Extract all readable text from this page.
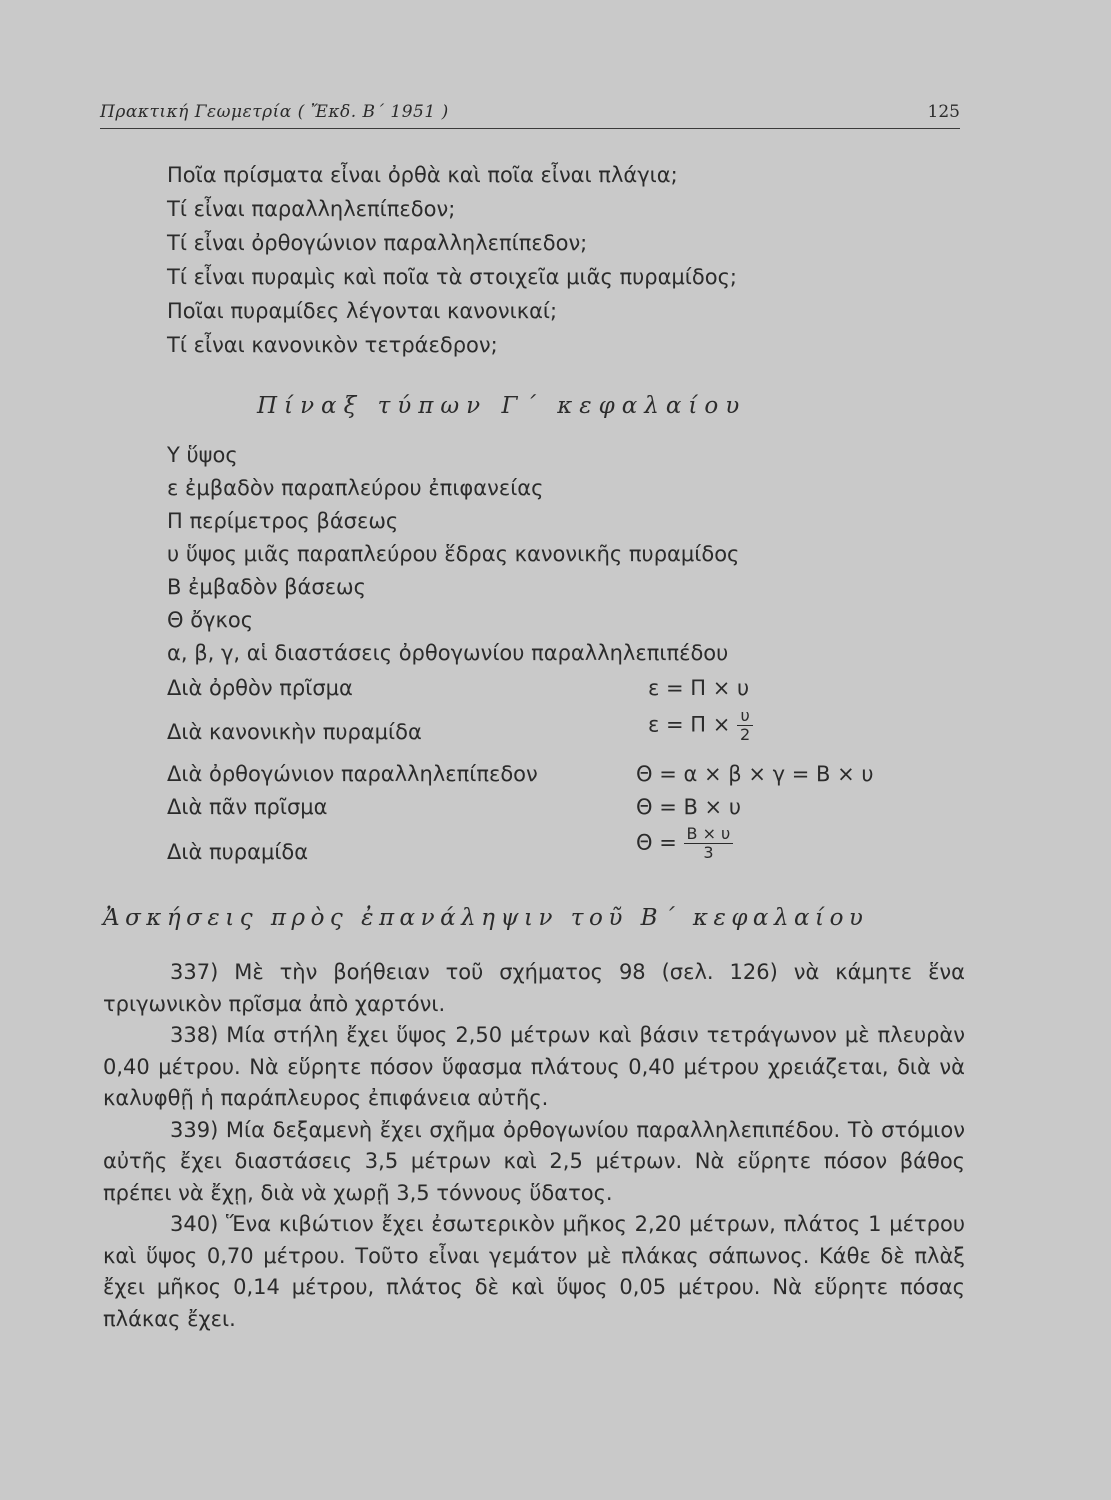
Πρακτική Γεωμετρία ( Ἔκδ. Β΄ 1951 )	125
Ποῖα πρίσματα εἶναι ὀρθὰ καὶ ποῖα εἶναι πλάγια;
Τί εἶναι παραλληλεπίπεδον;
Τί εἶναι ὀρθογώνιον παραλληλεπίπεδον;
Τί εἶναι πυραμὶς καὶ ποῖα τὰ στοιχεῖα μιᾶς πυραμίδος;
Ποῖαι πυραμίδες λέγονται κανονικαί;
Τί εἶναι κανονικὸν τετράεδρον;
Πίναξ τύπων Γ΄ κεφαλαίου
Υ ὕψος
ε ἐμβαδὸν παραπλεύρου ἐπιφανείας
Π περίμετρος βάσεως
υ ὕψος μιᾶς παραπλεύρου ἕδρας κανονικῆς πυραμίδος
Β ἐμβαδὸν βάσεως
Θ ὄγκος
α, β, γ, αἱ διαστάσεις ὀρθογωνίου παραλληλεπιπέδου
Διὰ ὀρθὸν πρῖσμα	ε = Π × υ
Διὰ κανονικὴν πυραμίδα	$\varepsilon = \Pi \times \frac{\upsilon}{2}$
Διὰ ὀρθογώνιον παραλληλεπίπεδον	Θ = α × β × γ = Β × υ
Διὰ πᾶν πρῖσμα	Θ = Β × υ
Διὰ πυραμίδα	$\Theta = \frac{B \times \upsilon}{3}$
Ἀσκήσεις πρὸς ἐπανάληψιν τοῦ Β΄ κεφαλαίου

337) Μὲ τὴν βοήθειαν τοῦ σχήματος 98 (σελ. 126) νὰ κάμητε ἕνα τριγωνικὸν πρῖσμα ἀπὸ χαρτόνι.

338) Μία στήλη ἔχει ὕψος 2,50 μέτρων καὶ βάσιν τετράγωνον μὲ πλευρὰν 0,40 μέτρου. Νὰ εὕρητε πόσον ὕφασμα πλάτους 0,40 μέτρου χρειάζεται, διὰ νὰ καλυφθῇ ἡ παράπλευρος ἐπιφάνεια αὐτῆς.

339) Μία δεξαμενὴ ἔχει σχῆμα ὀρθογωνίου παραλληλεπιπέδου. Τὸ στόμιον αὐτῆς ἔχει διαστάσεις 3,5 μέτρων καὶ 2,5 μέτρων. Νὰ εὕρητε πόσον βάθος πρέπει νὰ ἔχῃ, διὰ νὰ χωρῇ 3,5 τόννους ὕδατος.

340) Ἕνα κιβώτιον ἔχει ἐσωτερικὸν μῆκος 2,20 μέτρων, πλάτος 1 μέτρου καὶ ὕψος 0,70 μέτρου. Τοῦτο εἶναι γεμάτον μὲ πλάκας σάπωνος. Κάθε δὲ πλὰξ ἔχει μῆκος 0,14 μέτρου, πλάτος δὲ καὶ ὕψος 0,05 μέτρου. Νὰ εὕρητε πόσας πλάκας ἔχει.
